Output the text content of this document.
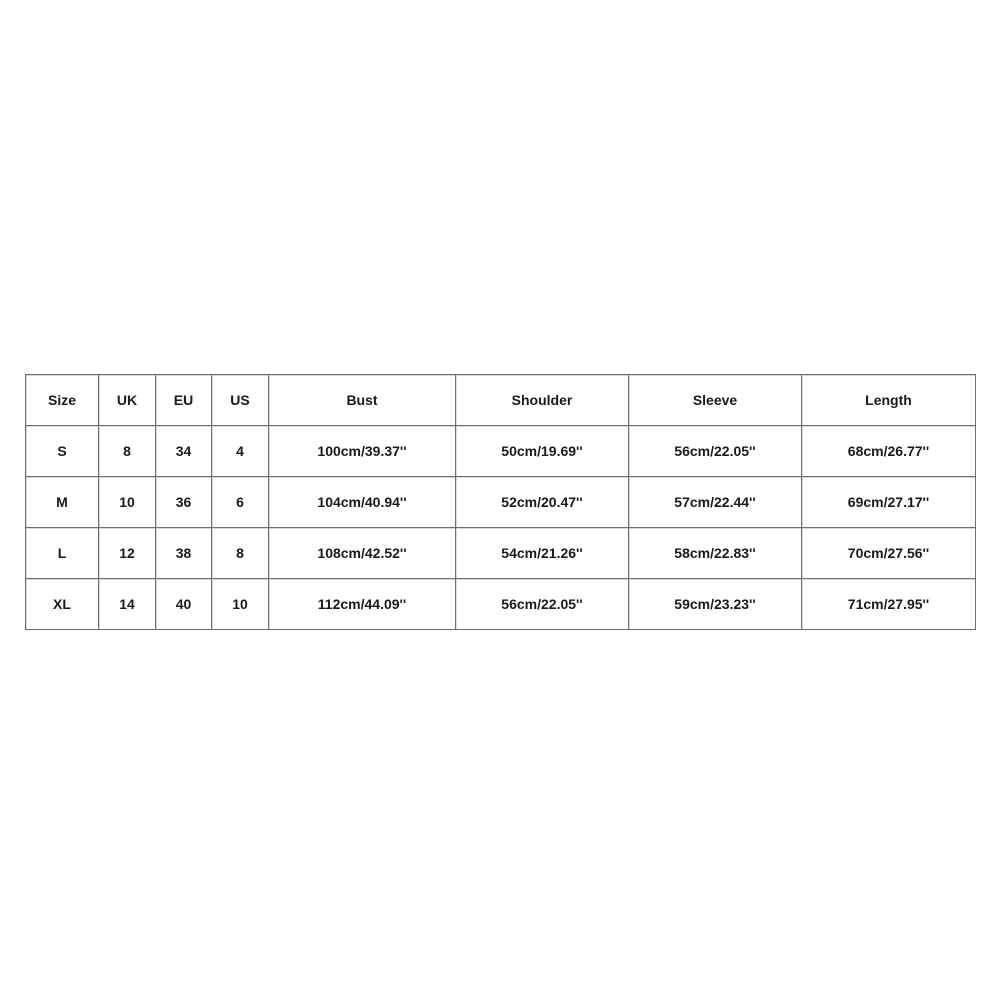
Size	UK	EU	US	Bust	Shoulder	Sleeve	Length
S	8	34	4	100cm/39.37''	50cm/19.69''	56cm/22.05''	68cm/26.77''
M	10	36	6	104cm/40.94''	52cm/20.47''	57cm/22.44''	69cm/27.17''
L	12	38	8	108cm/42.52''	54cm/21.26''	58cm/22.83''	70cm/27.56''
XL	14	40	10	112cm/44.09''	56cm/22.05''	59cm/23.23''	71cm/27.95''
